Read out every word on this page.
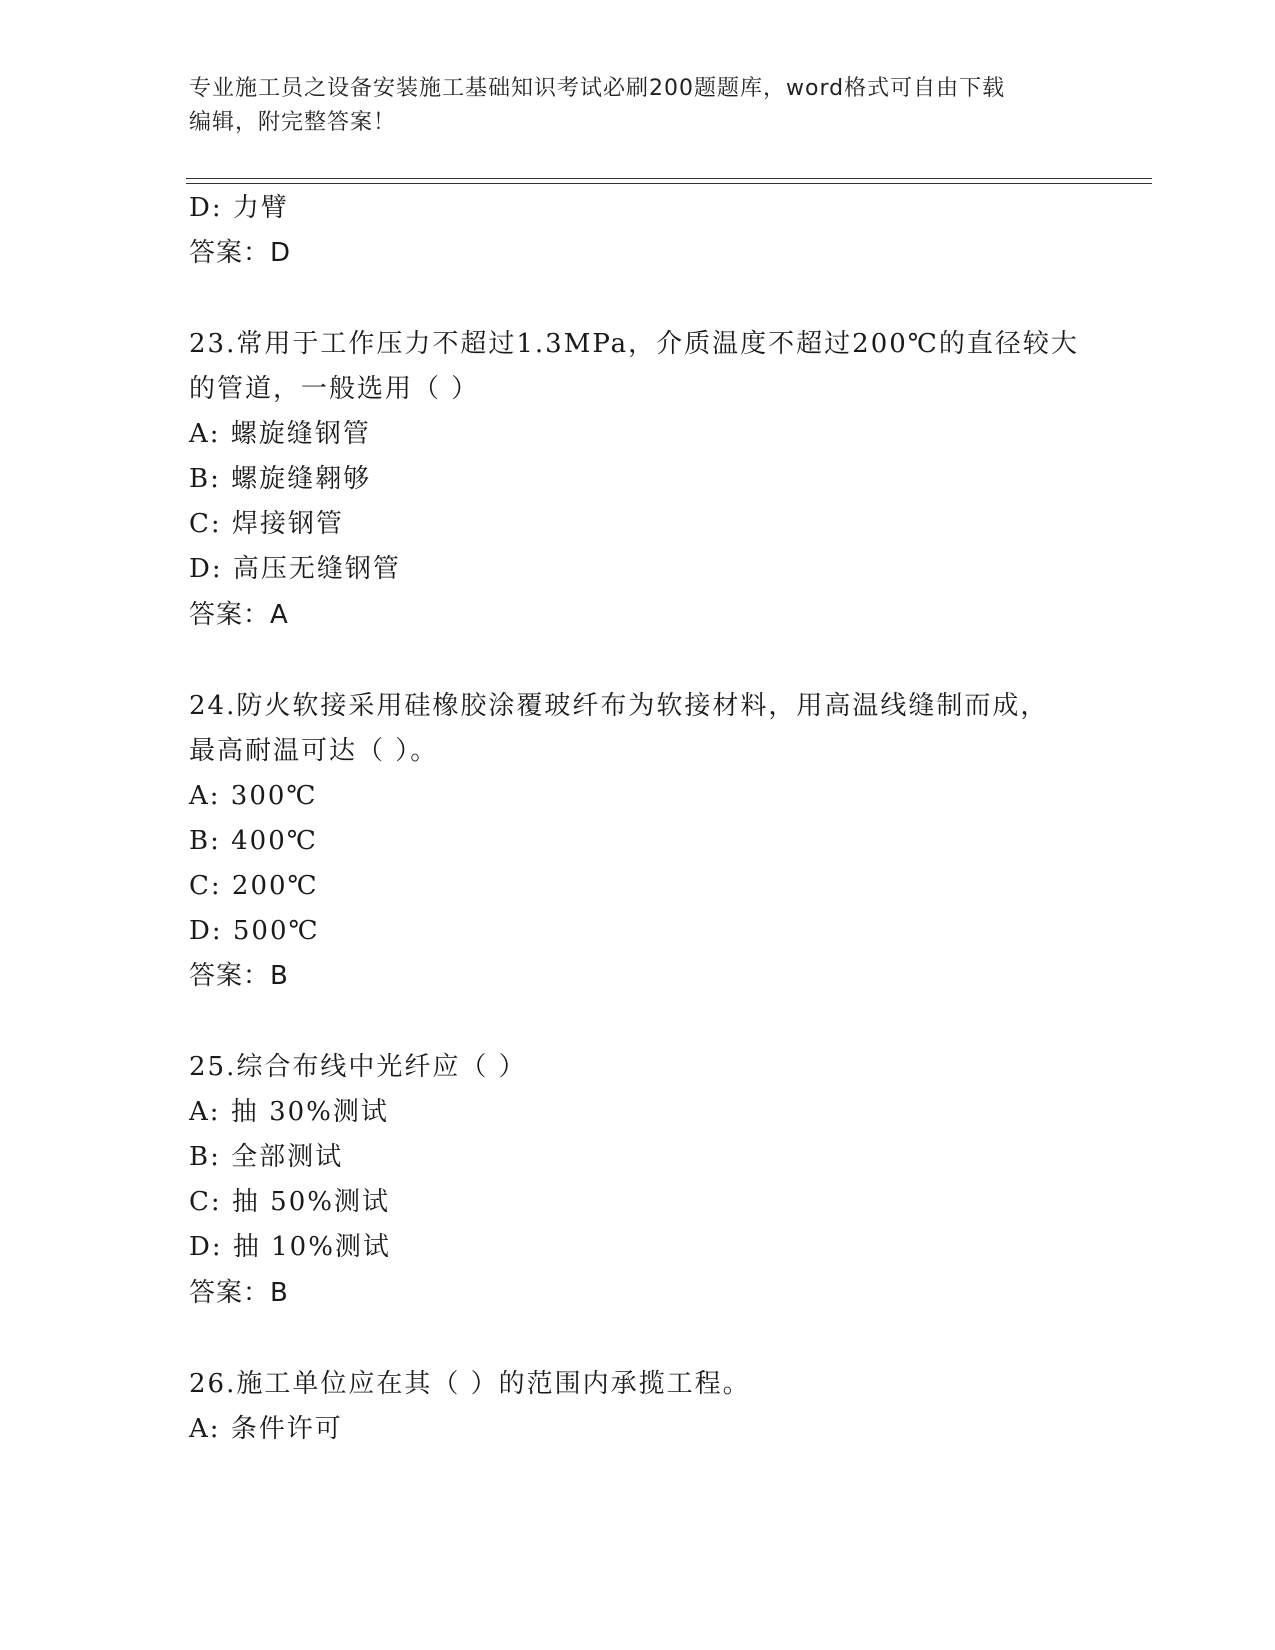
专业施工员之设备安装施工基础知识考试必刷200题题库，word格式可自由下载
编辑，附完整答案！
D: 力臂
答案：D
23.常用于工作压力不超过1.3MPa，介质温度不超过200℃的直径较大
的管道，一般选用（ ）
A: 螺旋缝钢管
B: 螺旋缝翱够
C: 焊接钢管
D: 高压无缝钢管
答案：A
24.防火软接采用硅橡胶涂覆玻纤布为软接材料，用高温线缝制而成，
最高耐温可达（ ）。
A: 300℃
B: 400℃
C: 200℃
D: 500℃
答案：B
25.综合布线中光纤应（ ）
A: 抽 30%测试
B: 全部测试
C: 抽 50%测试
D: 抽 10%测试
答案：B
26.施工单位应在其（ ）的范围内承揽工程。
A: 条件许可
